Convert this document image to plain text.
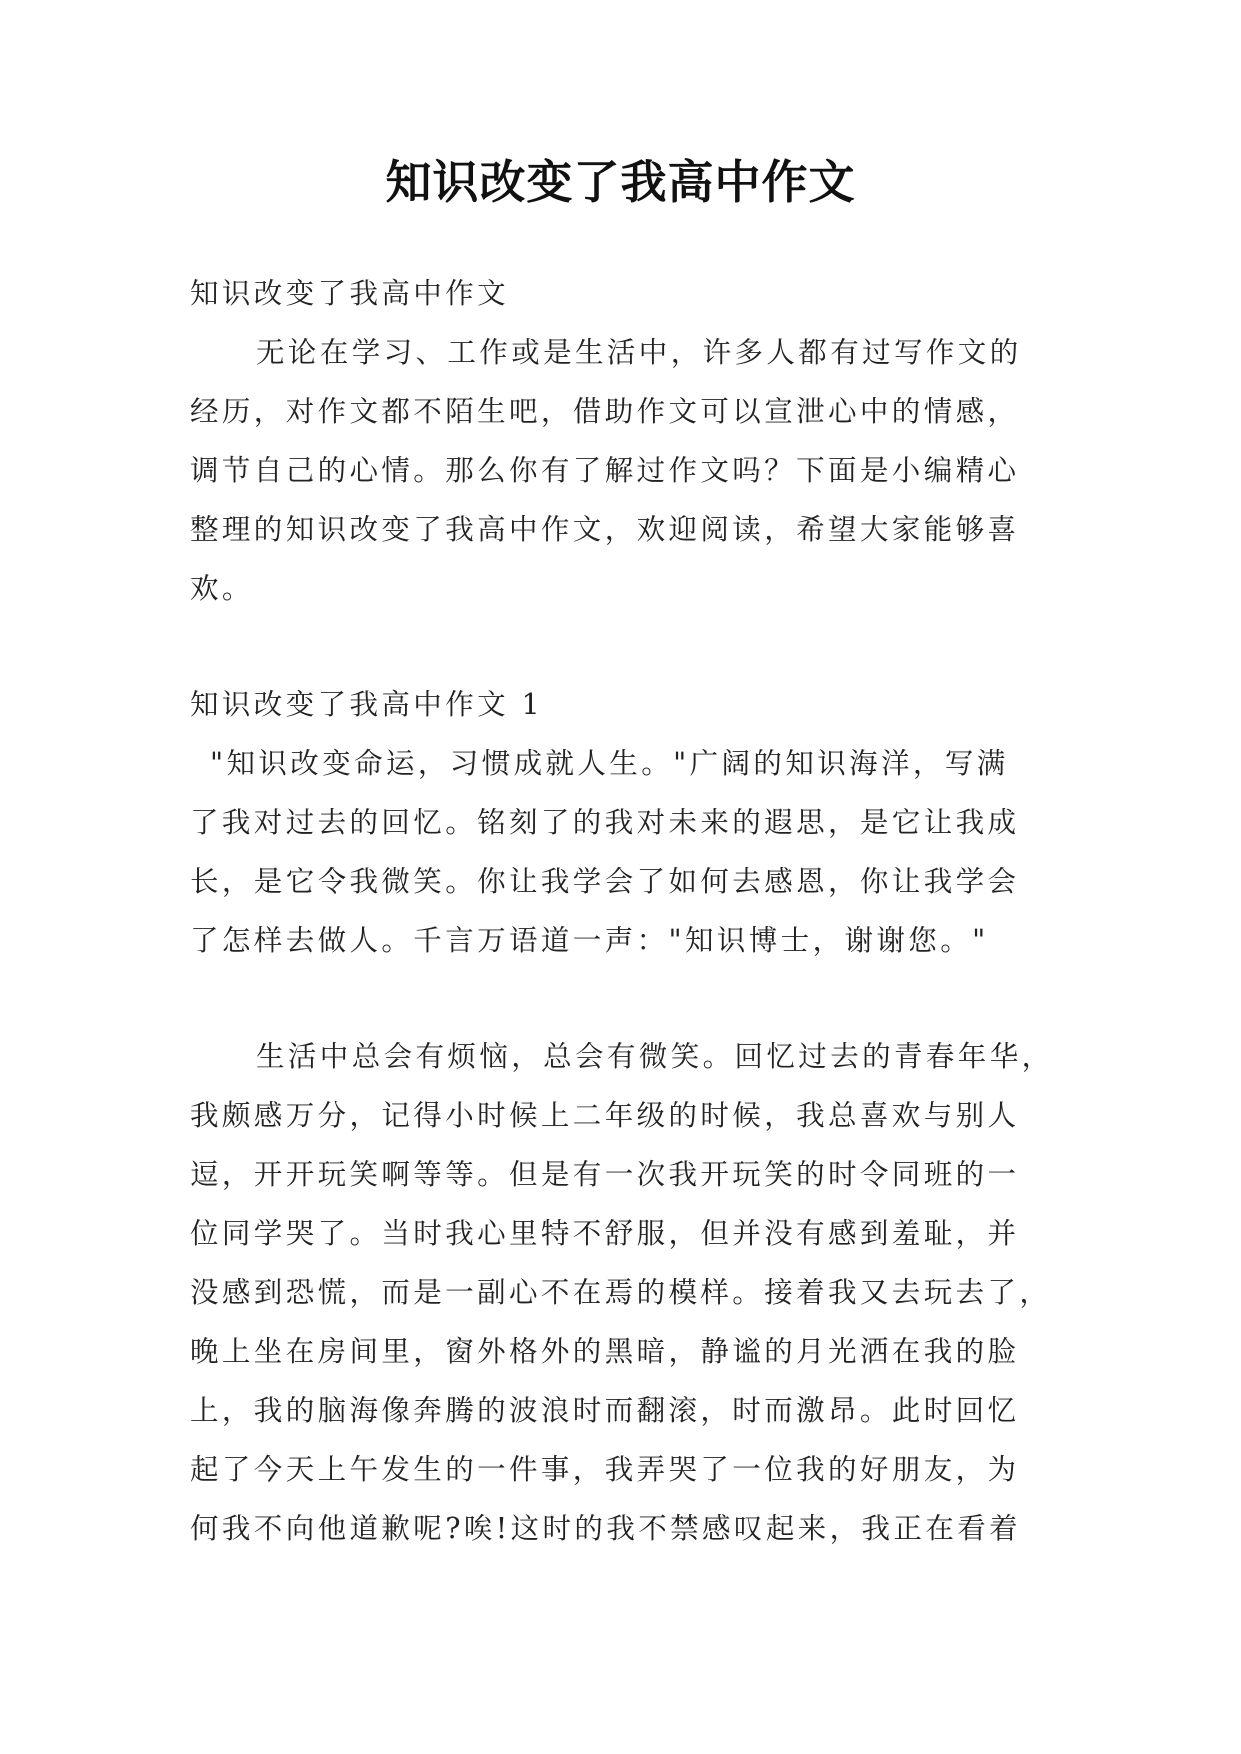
知识改变了我高中作文

知识改变了我高中作文

无论在学习、工作或是生活中，许多人都有过写作文的

经历，对作文都不陌生吧，借助作文可以宣泄心中的情感，

调节自己的心情。那么你有了解过作文吗？下面是小编精心

整理的知识改变了我高中作文，欢迎阅读，希望大家能够喜

欢。

知识改变了我高中作文 1

"知识改变命运，习惯成就人生。"广阔的知识海洋，写满

了我对过去的回忆。铭刻了的我对未来的遐思，是它让我成

长，是它令我微笑。你让我学会了如何去感恩，你让我学会

了怎样去做人。千言万语道一声："知识博士，谢谢您。"

生活中总会有烦恼，总会有微笑。回忆过去的青春年华，

我颇感万分，记得小时候上二年级的时候，我总喜欢与别人

逗，开开玩笑啊等等。但是有一次我开玩笑的时令同班的一

位同学哭了。当时我心里特不舒服，但并没有感到羞耻，并

没感到恐慌，而是一副心不在焉的模样。接着我又去玩去了，

晚上坐在房间里，窗外格外的黑暗，静谧的月光洒在我的脸

上，我的脑海像奔腾的波浪时而翻滚，时而激昂。此时回忆

起了今天上午发生的一件事，我弄哭了一位我的好朋友，为

何我不向他道歉呢?唉!这时的我不禁感叹起来，我正在看着
